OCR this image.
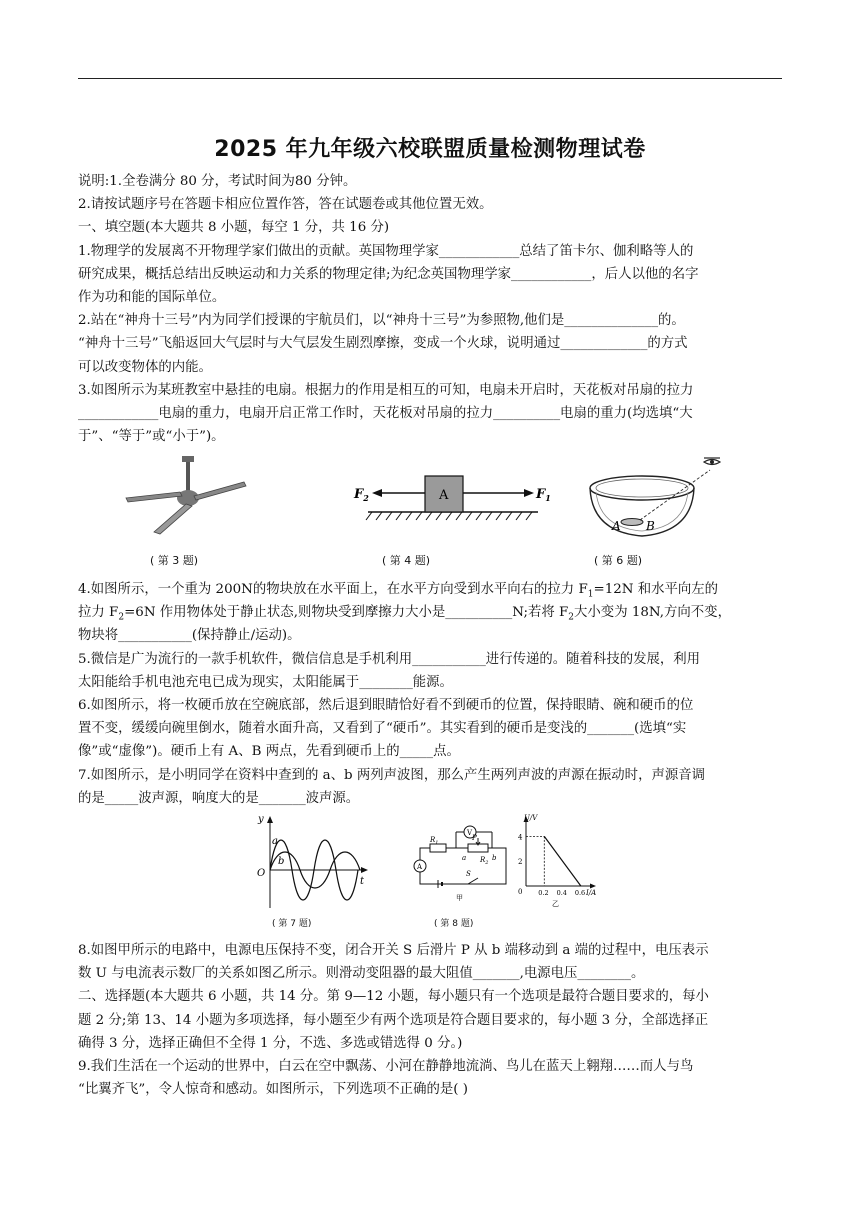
2025 年九年级六校联盟质量检测物理试卷
说明:1.全卷满分 80 分，考试时间为80 分钟。
2.请按试题序号在答题卡相应位置作答，答在试题卷或其他位置无效。
一、填空题(本大题共 8 小题，每空 1 分，共 16 分)
1.物理学的发展离不开物理学家们做出的贡献。英国物理学家____________总结了笛卡尔、伽利略等人的
研究成果，概括总结出反映运动和力关系的物理定律;为纪念英国物理学家____________，后人以他的名字
作为功和能的国际单位。
2.站在“神舟十三号”内为同学们授课的宇航员们，以“神舟十三号”为参照物,他们是______________的。
“神舟十三号”飞船返回大气层时与大气层发生剧烈摩擦，变成一个火球，说明通过_____________的方式
可以改变物体的内能。
3.如图所示为某班教室中悬挂的电扇。根据力的作用是相互的可知，电扇未开启时，天花板对吊扇的拉力
____________电扇的重力，电扇开启正常工作时，天花板对吊扇的拉力__________电扇的重力(均选填“大
于”、“等于”或“小于”)。
A
$F_2$	$F_1$
A B
( 第 3 题)	( 第 4 题)	( 第 6 题)
4.如图所示，一个重为 200N的物块放在水平面上，在水平方向受到水平向右的拉力 $F_1=12N$ 和水平向左的
拉力 $F_2=6N$ 作用物体处于静止状态,则物块受到摩擦力大小是__________N;若将 $F_2$大小变为 18N,方向不变，
物块将___________(保持静止/运动)。
5.微信是广为流行的一款手机软件，微信信息是手机利用___________进行传递的。随着科技的发展，利用
太阳能给手机电池充电已成为现实，太阳能属于________能源。
6.如图所示，将一枚硬币放在空碗底部，然后退到眼睛恰好看不到硬币的位置，保持眼睛、碗和硬币的位
置不变，缓缓向碗里倒水，随着水面升高，又看到了“硬币”。其实看到的硬币是变浅的_______(选填“实
像”或“虚像”)。硬币上有 A、B 两点，先看到硬币上的_____点。
7.如图所示，是小明同学在资料中查到的 a、b 两列声波图，那么产生两列声波的声源在振动时，声源音调
的是_____波声源，响度大的是_______波声源。
y
t
O
a
b
( 第 7 题)
V
$R_1$
$R_2$
P
a	b
A
S
甲
U/V
I/A
0
2
4
0.2 0.4 0.6
乙
( 第 8 题)
8.如图甲所示的电路中，电源电压保持不变，闭合开关 S 后滑片 P 从 b 端移动到 a 端的过程中，电压表示
数 U 与电流表示数厂的关系如图乙所示。则滑动变阻器的最大阻值_______,电源电压________。
二、选择题(本大题共 6 小题，共 14 分。第 9—12 小题，每小题只有一个选项是最符合题目要求的，每小
题 2 分;第 13、14 小题为多项选择，每小题至少有两个选项是符合题目要求的，每小题 3 分，全部选择正
确得 3 分，选择正确但不全得 1 分，不选、多选或错选得 0 分。)
9.我们生活在一个运动的世界中，白云在空中飘荡、小河在静静地流淌、鸟儿在蓝天上翱翔……而人与鸟
“比翼齐飞”，令人惊奇和感动。如图所示，下列选项不正确的是( )
